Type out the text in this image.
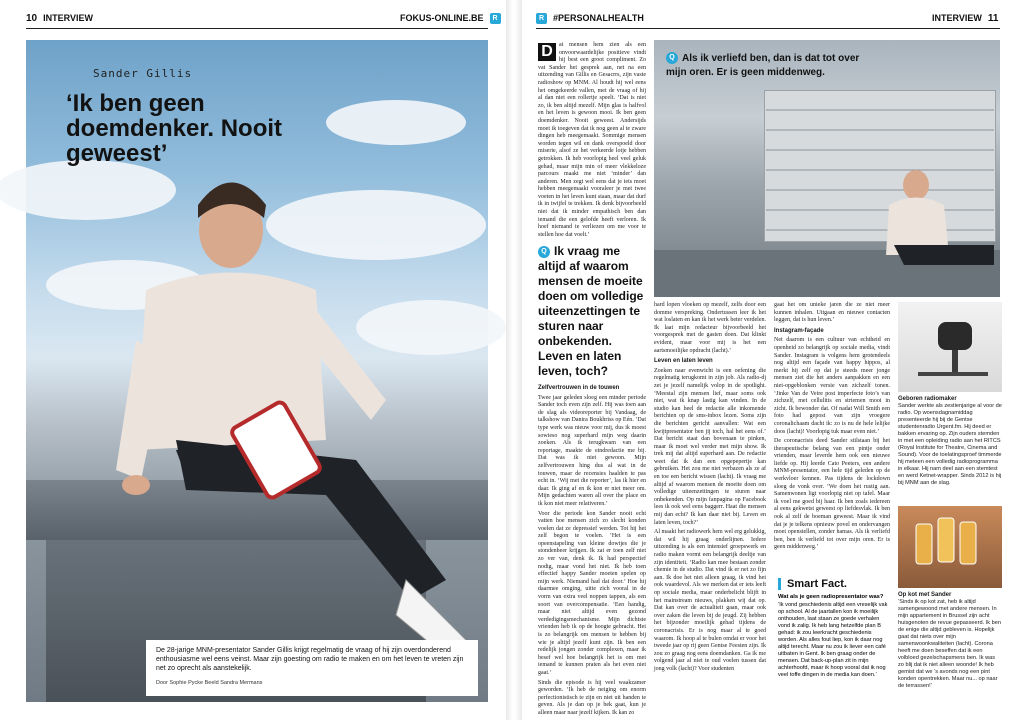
10 INTERVIEW	FOKUS-ONLINE.BE	R
Sander Gillis
‘Ik ben geen doemdenker. Nooit geweest’

De 28-jarige MNM-presentator Sander Gillis krijgt regelmatig de vraag of hij zijn overdonderend enthousiasme wel eens veinst. Maar zijn goesting om radio te maken en om het leven te vreten zijn net zo oprecht als aanstekelijk.

Door Sophie Pycke Beeld Sandra Mermans

R #PERSONALHEALTH	INTERVIEW 11
D	at mensen hem zien als een onvoorwaardelijke positieve vindt hij best een groot compliment. Zo vat Sander het gesprek aan, net na een uitzending van Gillis en Gesacrrs, zijn vaste radioshow op MNM. Al houdt hij wel eens het omgekeerde vallen, met de vraag of hij al dan niet een rollertje speelt. ‘Dat is niet zo, ik ben altijd mezelf. Mijn glas is halfvol en het leven is gewoon mooi. Ik ben geen doemdenker. Nooit geweest. Andersijds moet ik toegeven dat ik nog geen al te zware dingen heb meegemaakt. Sommige mensen worden tegen wil en dank overspoeld door miserie, alsof ze het verkeerde lotje hebben getrokken. Ik heb voorlopig heel veel geluk gehad, maar mijn min of meer vlekkeloze parcours maakt me niet ‘minder’ dan anderen. Men zegt wel eens dat je iets moet hebben meegemaakt vooraleer je met twee voeten in het leven kunt staan, maar dat durf ik in twijfel te trekken. Ik denk bijvoorbeeld niet dat ik minder empathisch ben dan iemand die een gelofde heeft verloren. Ik hoef niemand te verliezen om me voor te stellen hoe dat voelt.’
Q Ik vraag me altijd af waarom mensen de moeite doen om volledige uiteenzettingen te sturen naar onbekenden. Leven en laten leven, toch?
Q Als ik verliefd ben, dan is dat tot over mijn oren. Er is geen middenweg.
Zelfvertrouwen in de touwen

Twee jaar geleden sloeg een minder periode Sander toch even zijn zelf. Hij was toen aan de slag als videoreporter bij Vandaag, de talkshow van Danira Boukhriss op Eén. ‘Dat type werk was nieuw voor mij, dus ik moest sowieso nog superhard mijn weg daarin zoeken. Als ik terugkwam van een reportage, maakte de eindredactie me bij. Dat was ik niet gewoon. Mijn zelfvertrouwen hing dus al wat in de touwen, maar de recensies haalden te pas echt in. ‘Wij met die reporter’, las ik hier en daar. Ik ging af en ik kon er niet meer om. Mijn gedachten waren all over the place en ik kon niet meer relativeren.’

Voor die periode kon Sander nooit echt vatten hoe mensen zich zo slecht konden voelen dat ze depressief werden. Tot hij het zelf begon te voelen. ‘Het is een opeenstapeling van kleine dowtjes die je stondenbeer krijgen. Ik zat er toen zelf niet zo ver van, denk ik. Ik had perspectief nodig, maar vond het niet. Ik heb toen effectief happy Sander moeten spelen op mijn werk. Niemand had dat door.’ Hoe hij daarmee omging, uitte zich vooral in de vorm van extra veel noppen tappen, als een soort van overcompensatie. ‘Een handig, maar niet altijd even gezond verdedigingsmechanisme. Mijn dichtste vrienden heb ik op de hoogte gebracht. Het is zo belangrijk om mensen te hebben bij wie je altijd jezelf kunt zijn. Ik ben een redelijk jongen zonder complexen, maar ik besef wel hoe belangrijk het is om met iemand te kunnen praten als het even niet gaat.’

Sinds die episode is hij veel waakzamer geworden. ‘Ik heb de neiging om enorm perfectionistisch te zijn en niet uit handen te geven. Als je dan op je bek gaat, kun je alleen maar naar jezelf kijken. Ik kan zo

hard lopen vloeken op mezelf, zelfs door een domme verspreking. Ondertussen leer ik het wat loslaten en kan ik het werk beter verdelen. Ik laat mijn redacteur bijvoorbeeld het voorgesprek met de gasten doen. Dat klinkt evident, maar voor mij is het een aartsmoeilijke opdracht (lacht).’

Leven en laten leven

Zoeken naar evenwicht is een oefening die regelmatig terugkomt in zijn job. Als radio-dj zet je jezelf namelijk volop in de spotlight. ‘Meestal zijn mensen lief, maar soms ook niet, wat ik knap lastig kan vinden. In de studio kan heel de redactie alle inkomende berichten op de sms-inbox lezen. Soms zijn die berichten gericht aanvallen: Wat een kwijtpresentator ben jij toch, hal het eens of.’ Dat bericht staat dan bovenaan te pinken, maar ik moet wel verder met mijn show. Ik trek mij dat altijd superhard aan. De redactie weet dat ik dan een opgepepertje kan gebruiken. Het zou me niet verbazen als ze af en toe een bericht wissen (lacht). Ik vraag me altijd af waarom mensen de moeite doen om volledige uiteenzettingen te sturen naar onbekenden. Op mijn fanpagina op Facebook lees ik ook wel eens baggerr. Haat die mensen mij dan echt? Ik kan daar niet bij. Leven en laten leven, toch?’

Al maakt het radiowerk hem wel erg gelukkig, dat wil hij graag onderlijnen. Iedere uitzending is als een intensief groepswerk en radio maken vormt een belangrijk deeltje van zijn identiteit. ‘Radio kan mee bestaan zonder chemie in de studio. Dat vind ik er net zo fijn aan. Ik doe het niet alleen graag, ik vind het ook waardevol. Als we merken dat er iets leeft op sociale media, maar onderbelicht blijft in het mainstream nieuws, plakken wij dat op. Dat kan over de actualiteit gaan, maar ook over zaken die leven bij de jeugd. Zij hebben het bijzonder moeilijk gehad tijdens de coronacrisis. Er is nog maar al te goed waarom. Ik hoop al te bulen omdat er voor het tweede jaar op rij geen Gentse Feesten zijn. Ik zou zo graag nog eens doemdanken. Ga ik me volgend jaar al niet te oud voelen tussen dat jong volk (lacht)? Voor studenten

gaat het om unieke jaren die ze niet meer kunnen inhalen. Uitgaan en nieuwe contacten leggen, dat is hun leven.’

Instagram-façade

Net daarom is een cultuur van echtheid en openheid zo belangrijk op sociale media, vindt Sander. Instagram is volgens hem grotendeels nog altijd een façade van happy hippos, al merkt hij zelf op dat je steeds meer jonge mensen ziet die het anders aanpakken en een niet-opgeblonken versie van zichzelf tonen. ‘Jinke Van de Veire post imperfecte foto’s van zichzelf, met cellulitis en striemen mooi in zicht. Ik bewonder dat. Of nadat Will Smith een foto had gepost van zijn vroegere coronalichaam dacht ik: zo is nu de hele lelijke doos (lacht)! Voorlopig tuk maar even niet.’

De coronacrisis deed Sander stilstaan bij het therapeutische belang van een pintje onder vrienden, maar leverde hem ook een nieuwe liefde op. Hij leerde Cato Peeters, een andere MNM-presentator, een hele tijd geleden op de werkvloer kennen. Pas tijdens de lockdown sloeg de vonk over. ‘We doen het rustig aan. Samenwonen ligt voorlopig niet op tafel. Maar ik voel me goed bij haar. Ik ben zoals iedereen al eens gekwetst geweest op liefdesvlak. Ik ben ook al zelf de boeman geweest. Maar ik vind dat je je telkens opnieuw povel en ondervangen moet openstellen, zonder hamas. Als ik verliefd ben, ben ik verliefd tot over mijn oren. Er is geen middenweg.’

Smart Fact.
Wat als je geen radiopresentator was?
‘Ik vond geschiedenis altijd een vreselijk vak op school. Al de jaartallen kon ik moeilijk onthouden, laat staan ze goede verhalen vond ik zalig. Ik heb lang hetzelfde plan B gehad: ik zou leerkracht geschiedenis worden. Als alles fout liep, kon ik daar nog altijd terecht. Maar nu zou ik liever een café uitbaten in Gent. Ik ben graag onder de mensen. Dat back-up-plan zit in mijn achterhoofd, maar ik hoop vooral dat ik nog veel toffe dingen in de media kan doen.’
Geboren radiomaker
Sander werkte als zestienjarige al voor de radio. Op woensdagnamiddag presenteerde hij bij de Gentse studentenradio Urgent.fm. Hij deed er bakken ervaring op. Zijn ouders stemden in met een opleiding radio aan het RITCS (Royal Institute for Theatre, Cinema and Sound). Voor de toelatingsproef timmerde hij meteen een volledig radioprogramma in elkaar. Hij nam deel aan een stemtest en werd Ketnet-wrapper. Sinds 2012 is hij bij MNM aan de slag.
Op kot met Sander
‘Sinds ik op kot zat, heb ik altijd samengewoond met andere mensen. In mijn appartement in Brussel zijn acht huisgenoten de revue gepasseerd. Ik ben de enige die altijd gebleven is. Hopelijk gaat dat niets over mijn samenwoonkwaliteiten (lacht). Corona heeft me doen beseffen dat ik een volbloed gezelschapsmens ben. Ik was zo blij dat ik niet alleen woonde! Ik heb gemist dat we ’s avonds nog een pint konden opentrekken. Maar nu... op naar de terrassen!’
